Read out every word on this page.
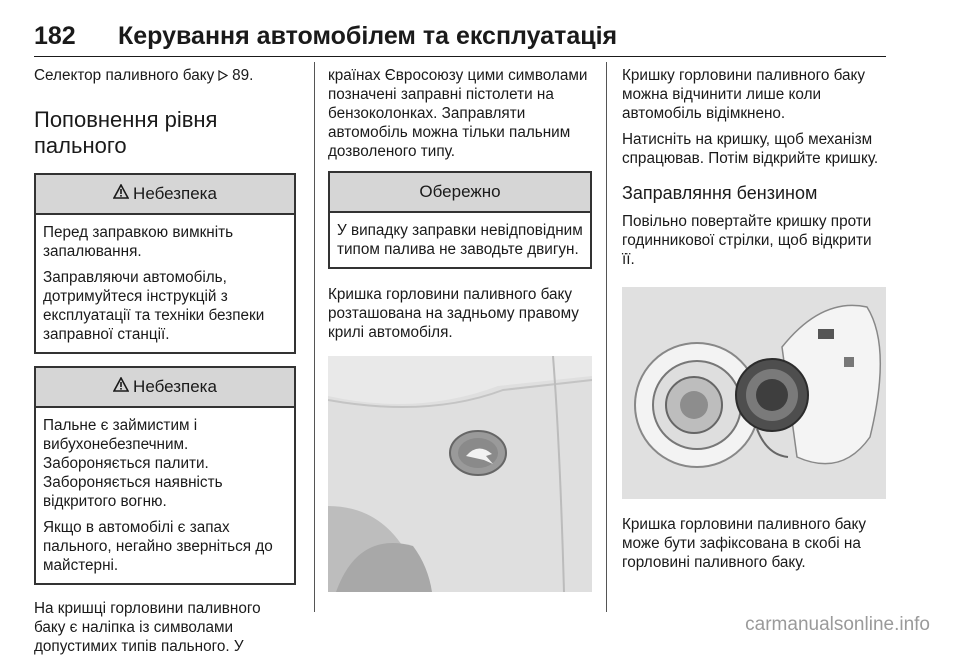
182 Керування автомобілем та експлуатація

Селектор паливного баку 89.

Поповнення рівня
пального
Небезпека

Перед заправкою вимкніть запалювання.

Заправляючи автомобіль, дотримуйтеся інструкцій з експлуатації та техніки безпеки заправної станції.

Небезпека

Пальне є займистим і вибухонебезпечним. Забороняється палити. Забороняється наявність відкритого вогню.

Якщо в автомобілі є запах пального, негайно зверніться до майстерні.

На кришці горловини паливного баку є наліпка із символами допустимих типів пального. У

країнах Євросоюзу цими символами позначені заправні пістолети на бензоколонках. Заправляти автомобіль можна тільки пальним дозволеного типу.

Обережно

У випадку заправки невідповідним типом палива не заводьте двигун.

Кришка горловини паливного баку розташована на задньому правому крилі автомобіля.

Кришку горловини паливного баку можна відчинити лише коли автомобіль відімкнено.

Натисніть на кришку, щоб механізм спрацював. Потім відкрийте кришку.

Заправляння бензином

Повільно повертайте кришку проти годинникової стрілки, щоб відкрити її.

Кришка горловини паливного баку може бути зафіксована в скобі на горловині паливного баку.

carmanualsonline.info
